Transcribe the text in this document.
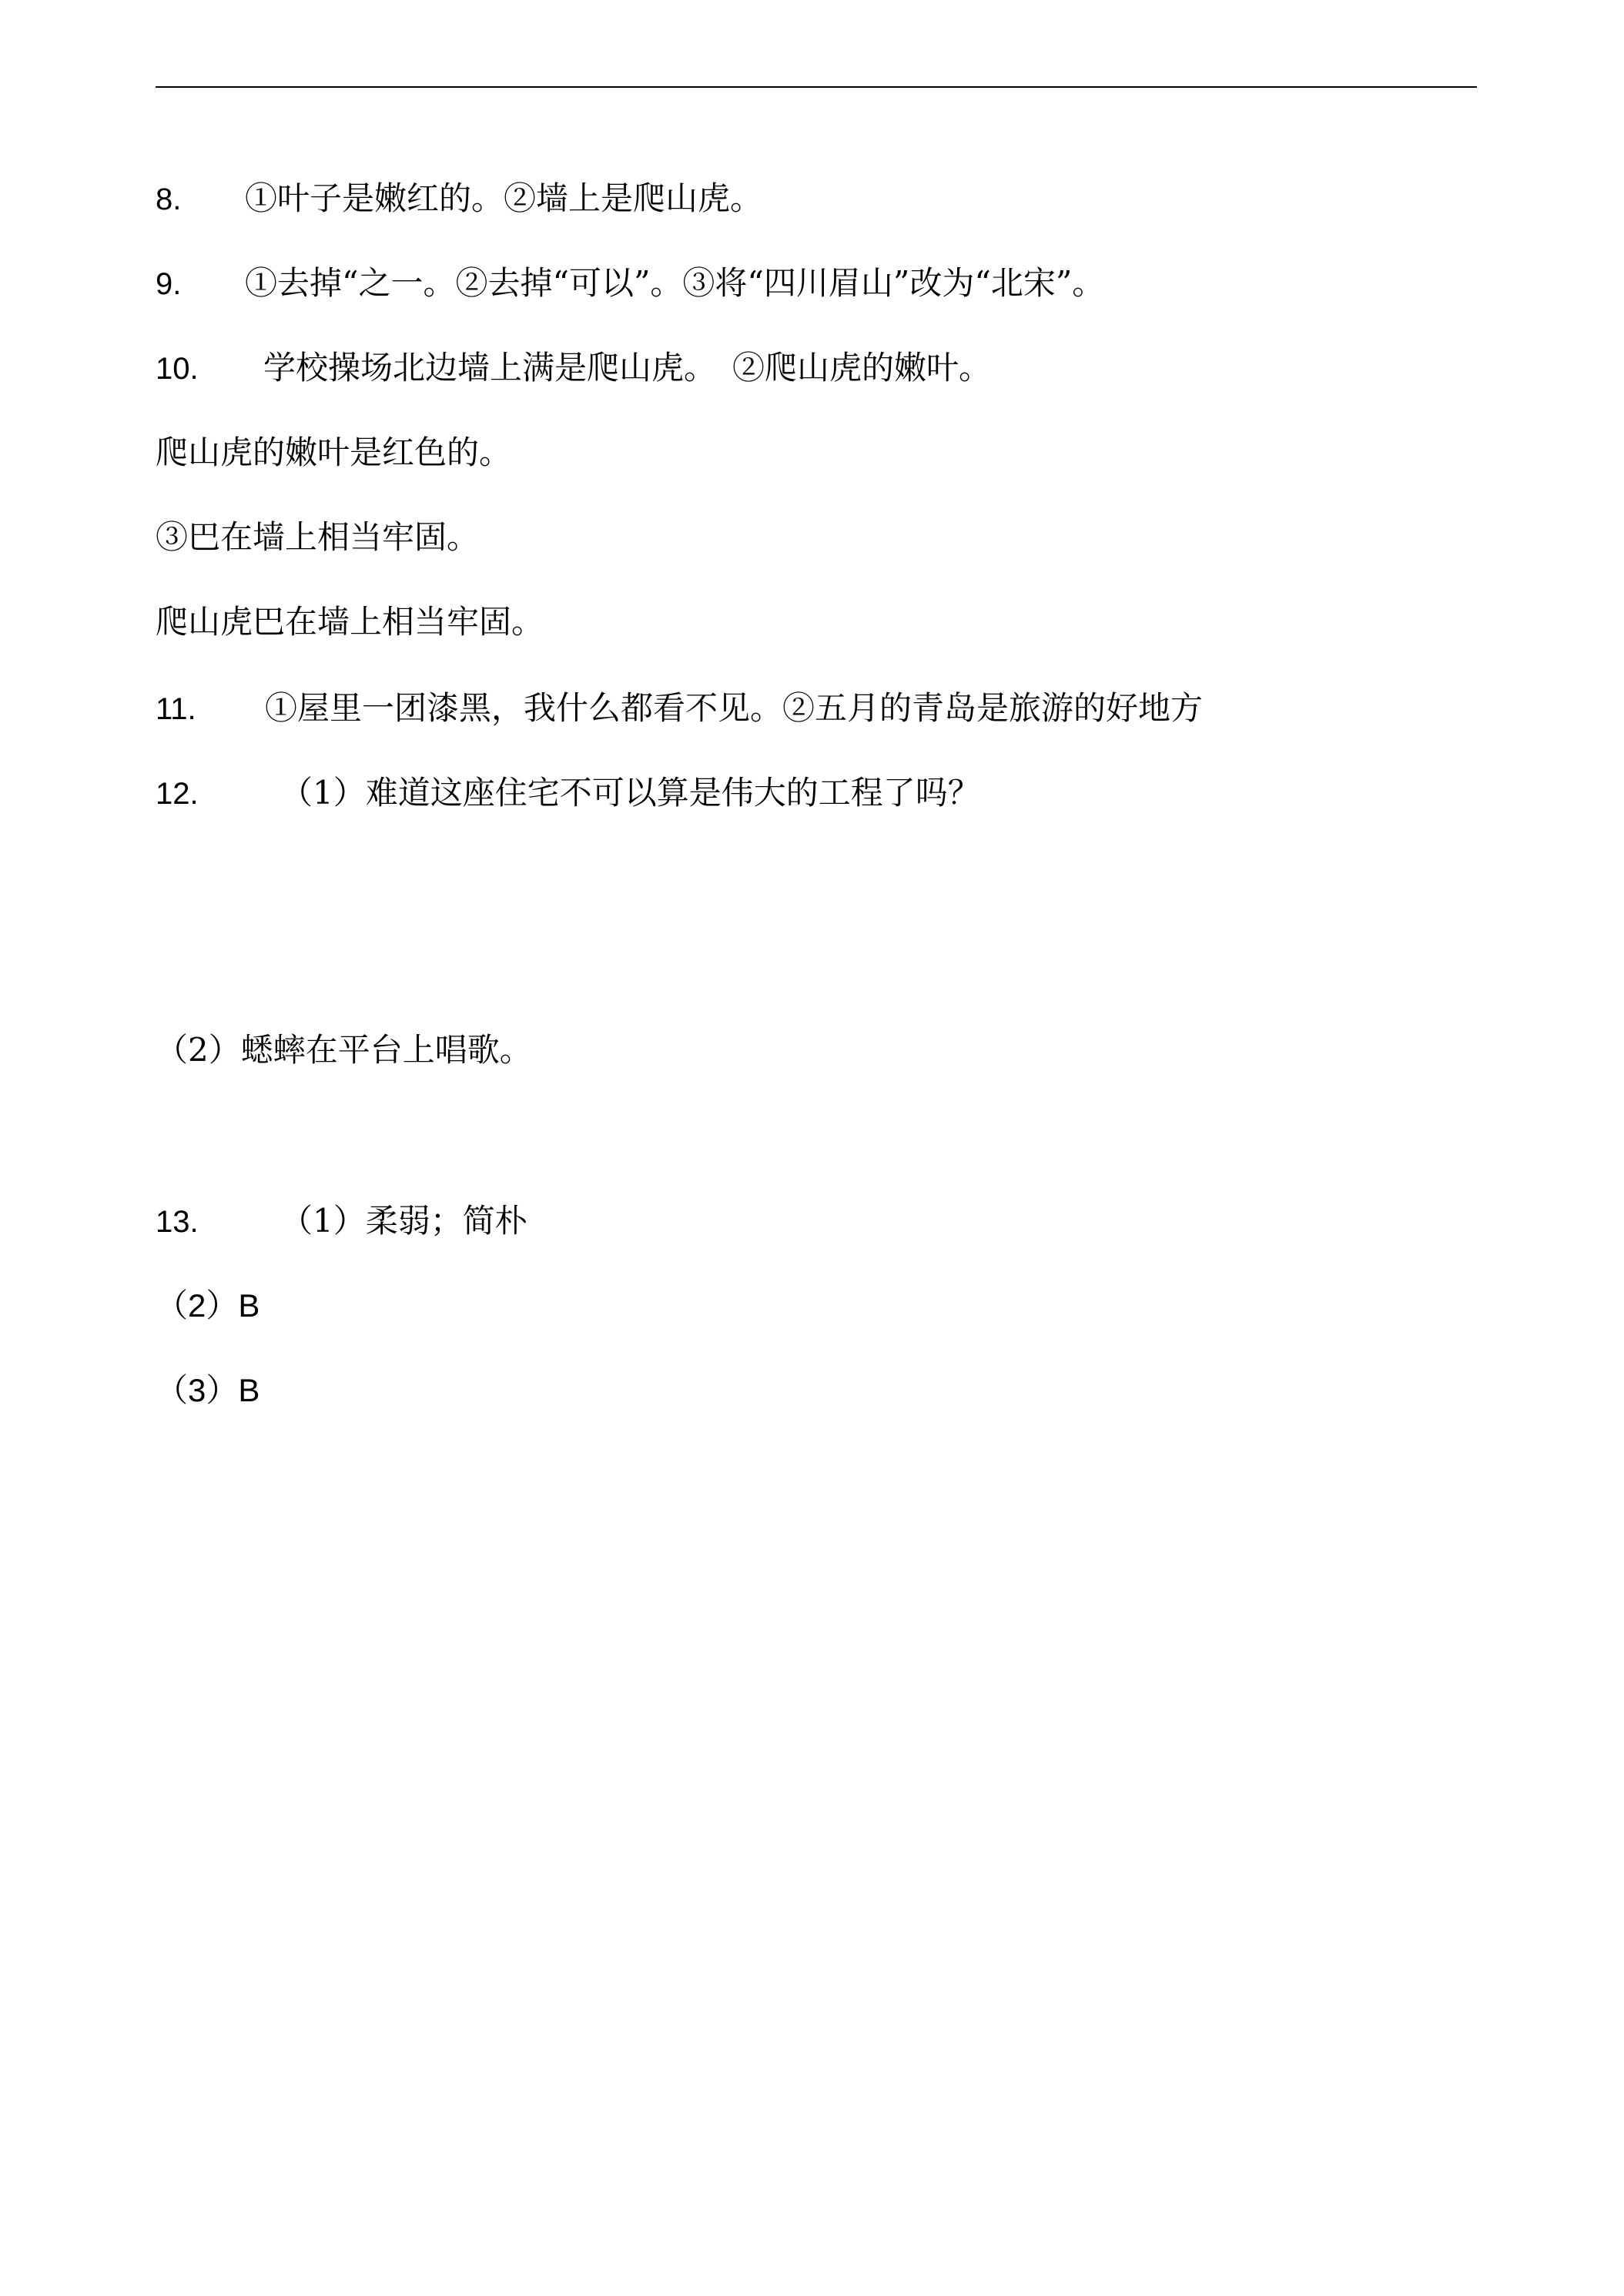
8. ①叶子是嫩红的。②墙上是爬山虎。
9. ①去掉“之一。②去掉“可以”。③将“四川眉山”改为“北宋”。
10. 学校操场北边墙上满是爬山虎。　②爬山虎的嫩叶。
爬山虎的嫩叶是红色的。
③巴在墙上相当牢固。
爬山虎巴在墙上相当牢固。
11. ①屋里一团漆黑，我什么都看不见。②五月的青岛是旅游的好地方
12.	（1）难道这座住宅不可以算是伟大的工程了吗？
（2）蟋蟀在平台上唱歌。
13.	（1）柔弱；简朴
（2）B
（3）B
